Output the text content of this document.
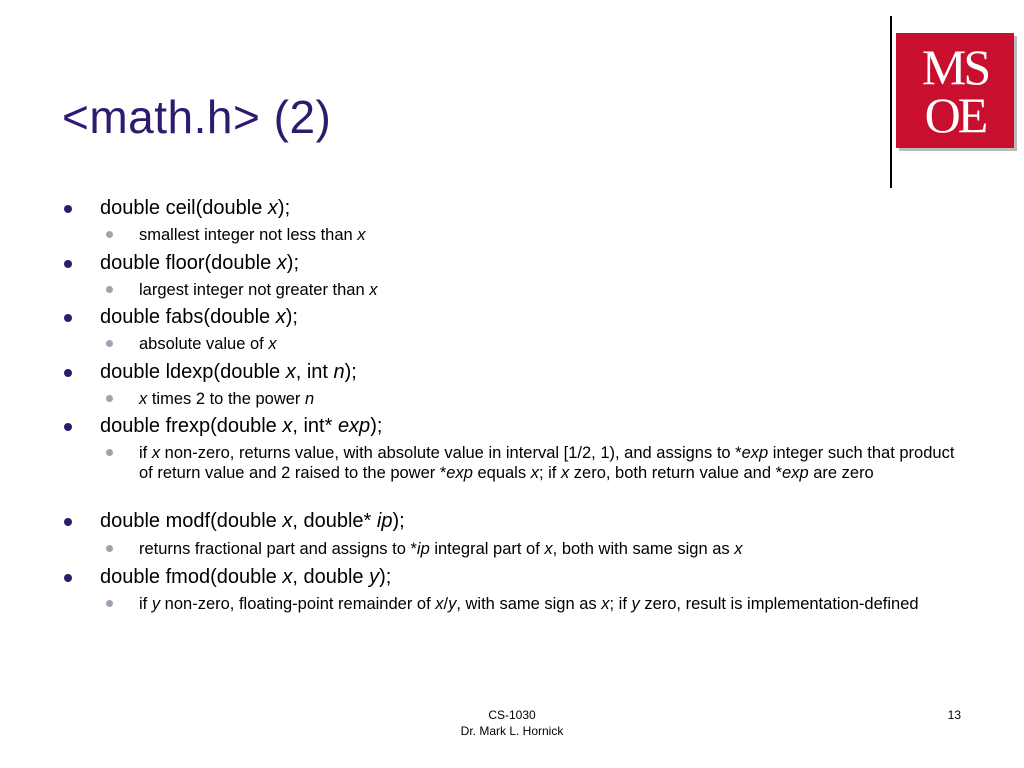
<math.h> (2)
MS
OE
double ceil(double x);
smallest integer not less than x
double floor(double x);
largest integer not greater than x
double fabs(double x);
absolute value of x
double ldexp(double x, int n);
x times 2 to the power n
double frexp(double x, int* exp);
if x non-zero, returns value, with absolute value in interval [1/2, 1), and assigns to *exp integer such that product of return value and 2 raised to the power *exp equals x; if x zero, both return value and *exp are zero
double modf(double x, double* ip);
returns fractional part and assigns to *ip integral part of x, both with same sign as x
double fmod(double x, double y);
if y non-zero, floating-point remainder of x/y, with same sign as x; if y zero, result is implementation-defined
CS-1030
Dr. Mark L. Hornick
13
